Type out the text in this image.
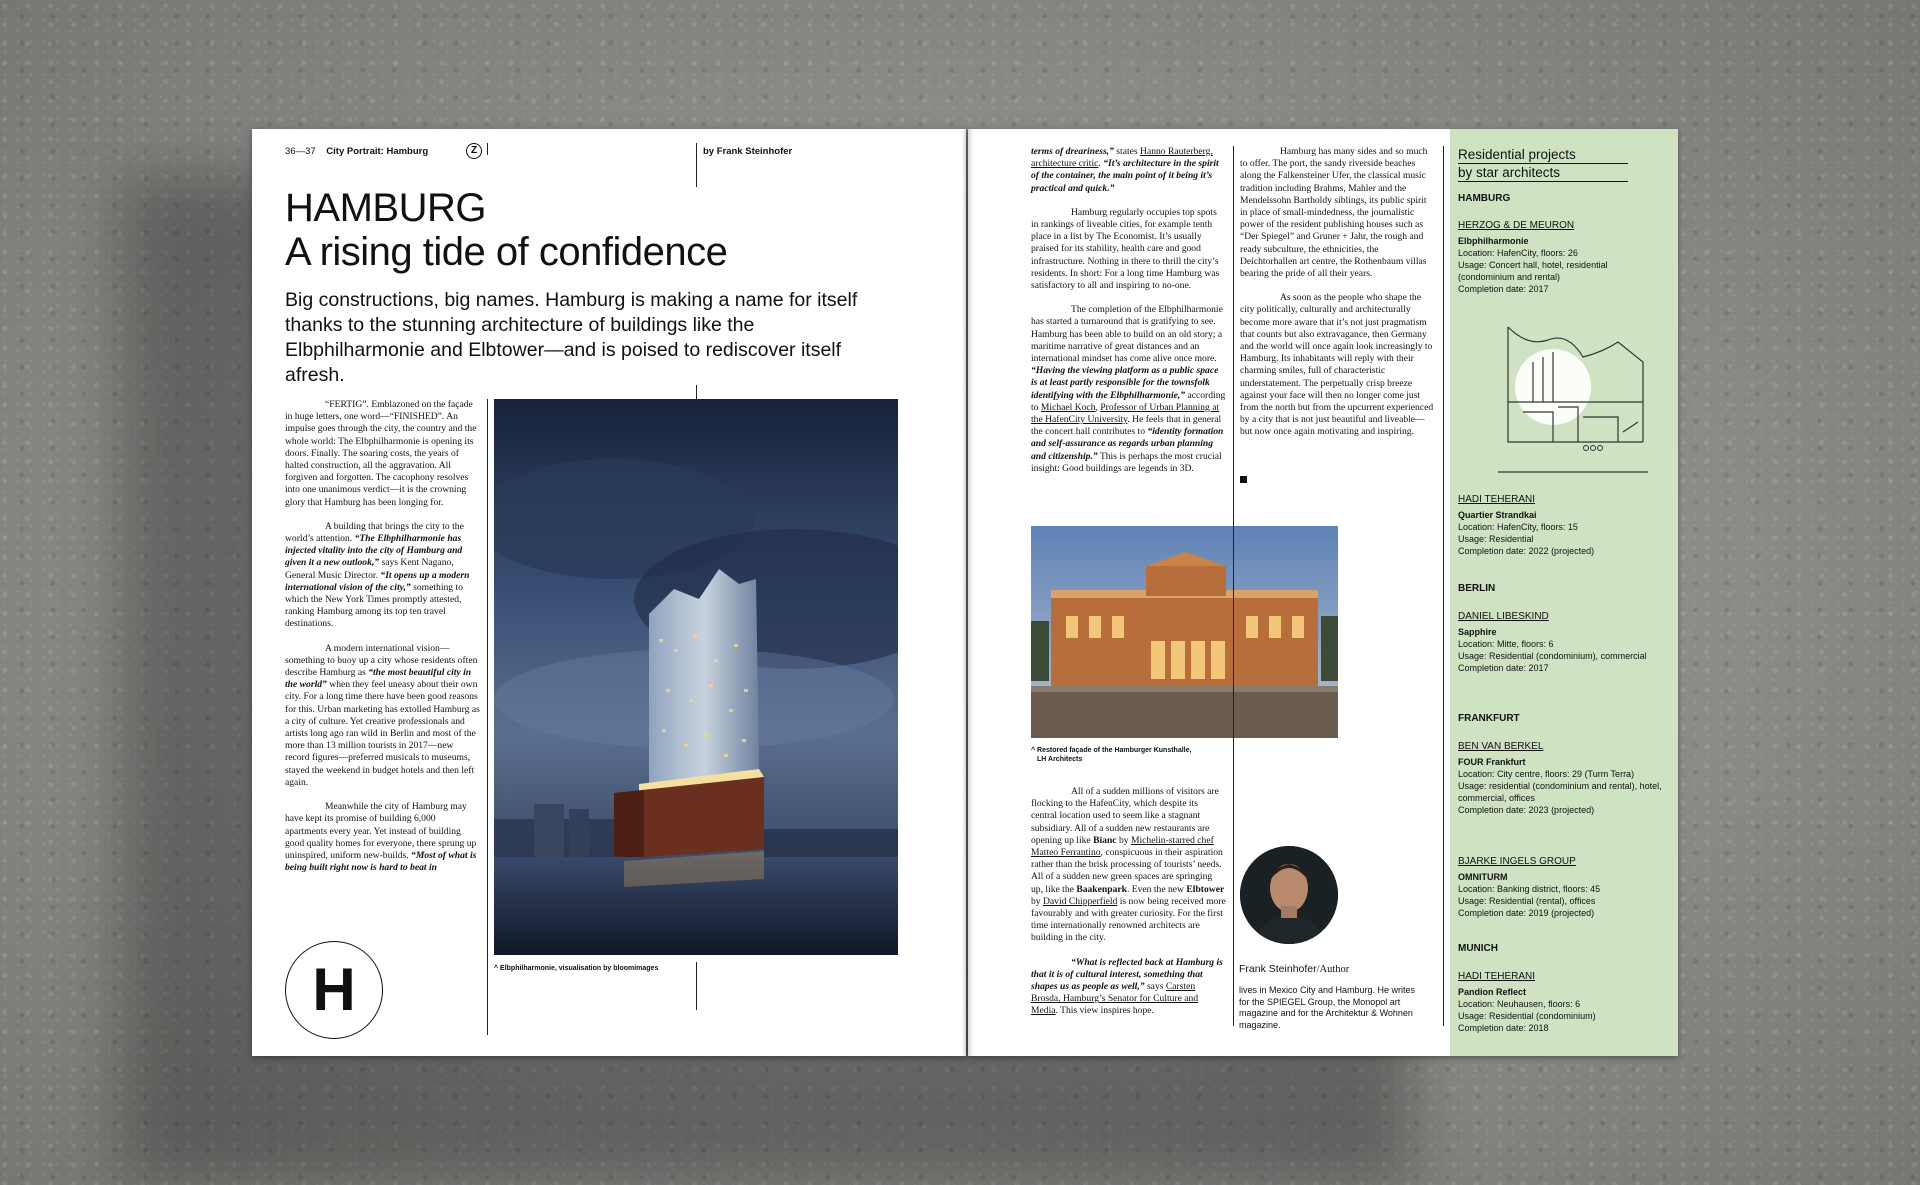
36—37 City Portrait: Hamburg	Z	by Frank Steinhofer
HAMBURG
A rising tide of confidence
Big constructions, big names. Hamburg is making a name for itself thanks to the stunning architecture of buildings like the Elbphilharmonie and Elbtower—and is poised to rediscover itself afresh.

“FERTIG”. Emblazoned on the façade in huge letters, one word—“FINISHED”. An impulse goes through the city, the country and the whole world: The Elbphilharmonie is opening its doors. Finally. The soaring costs, the years of halted construction, all the aggravation. All forgiven and forgotten. The cacophony resolves into one unanimous verdict—it is the crowning glory that Hamburg has been longing for.

A building that brings the city to the world’s attention. “The Elbphilharmonie has injected vitality into the city of Hamburg and given it a new outlook,” says Kent Nagano, General Music Director. “It opens up a modern international vision of the city,” something to which the New York Times promptly attested, ranking Hamburg among its top ten travel destinations.

A modern international vision—something to buoy up a city whose residents often describe Hamburg as “the most beautiful city in the world” when they feel uneasy about their own city. For a long time there have been good reasons for this. Urban marketing has extolled Hamburg as a city of culture. Yet creative professionals and artists long ago ran wild in Berlin and most of the more than 13 million tourists in 2017—new record figures—preferred musicals to museums, stayed the weekend in budget hotels and then left again.

Meanwhile the city of Hamburg may have kept its promise of building 6,000 apartments every year. Yet instead of building good quality homes for everyone, there sprung up uninspired, uniform new-builds. “Most of what is being built right now is hard to beat in

^ Elbphilharmonie, visualisation by bloomimages
H

terms of dreariness,” states Hanno Rauterberg, architecture critic. “It’s architecture in the spirit of the container, the main point of it being it’s practical and quick.”

Hamburg regularly occupies top spots in rankings of liveable cities, for example tenth place in a list by The Economist. It’s usually praised for its stability, health care and good infrastructure. Nothing in there to thrill the city’s residents. In short: For a long time Hamburg was satisfactory to all and inspiring to no-one.

The completion of the Elbphilharmonie has started a turnaround that is gratifying to see. Hamburg has been able to build on an old story; a maritime narrative of great distances and an international mindset has come alive once more. “Having the viewing platform as a public space is at least partly responsible for the townsfolk identifying with the Elbphilharmonie,” according to Michael Koch, Professor of Urban Planning at the HafenCity University. He feels that in general the concert hall contributes to “identity formation and self-assurance as regards urban planning and citizenship.” This is perhaps the most crucial insight: Good buildings are legends in 3D.

^ Restored façade of the Hamburger Kunsthalle,
LH Architects

All of a sudden millions of visitors are flocking to the HafenCity, which despite its central location used to seem like a stagnant subsidiary. All of a sudden new restaurants are opening up like Bianc by Michelin-starred chef Matteo Ferrantino, conspicuous in their aspiration rather than the brisk processing of tourists’ needs. All of a sudden new green spaces are springing up, like the Baakenpark. Even the new Elbtower by David Chipperfield is now being received more favourably and with greater curiosity. For the first time internationally renowned architects are building in the city.

“What is reflected back at Hamburg is that it is of cultural interest, something that shapes us as people as well,” says Carsten Brosda, Hamburg’s Senator for Culture and Media. This view inspires hope.

Hamburg has many sides and so much to offer. The port, the sandy riverside beaches along the Falkensteiner Ufer, the classical music tradition including Brahms, Mahler and the Mendelssohn Bartholdy siblings, its public spirit in place of small-mindedness, the journalistic power of the resident publishing houses such as “Der Spiegel” and Gruner + Jahr, the rough and ready subculture, the ethnicities, the Deichtorhallen art centre, the Rothenbaum villas bearing the pride of all their years.

As soon as the people who shape the city politically, culturally and architecturally become more aware that it’s not just pragmatism that counts but also extravagance, then Germany and the world will once again look increasingly to Hamburg. Its inhabitants will reply with their charming smiles, full of characteristic understatement. The perpetually crisp breeze against your face will then no longer come just from the north but from the upcurrent experienced by a city that is not just beautiful and liveable—but now once again motivating and inspiring.

Frank Steinhofer/Author
lives in Mexico City and Hamburg. He writes for the SPIEGEL Group, the Monopol art magazine and for the Architektur & Wohnen magazine.
Residential projects
by star architects

HAMBURG

HERZOG & DE MEURON

Elbphilharmonie

Location: HafenCity, floors: 26

Usage: Concert hall, hotel, residential (condominium and rental)

Completion date: 2017

HADI TEHERANI

Quartier Strandkai

Location: HafenCity, floors: 15

Usage: Residential

Completion date: 2022 (projected)

BERLIN

DANIEL LIBESKIND

Sapphire

Location: Mitte, floors: 6

Usage: Residential (condominium), commercial

Completion date: 2017

FRANKFURT

BEN VAN BERKEL

FOUR Frankfurt

Location: City centre, floors: 29 (Turm Terra)

Usage: residential (condominium and rental), hotel, commercial, offices

Completion date: 2023 (projected)

BJARKE INGELS GROUP

OMNITURM

Location: Banking district, floors: 45

Usage: Residential (rental), offices

Completion date: 2019 (projected)

MUNICH

HADI TEHERANI

Pandion Reflect

Location: Neuhausen, floors: 6

Usage: Residential (condominium)

Completion date: 2018
